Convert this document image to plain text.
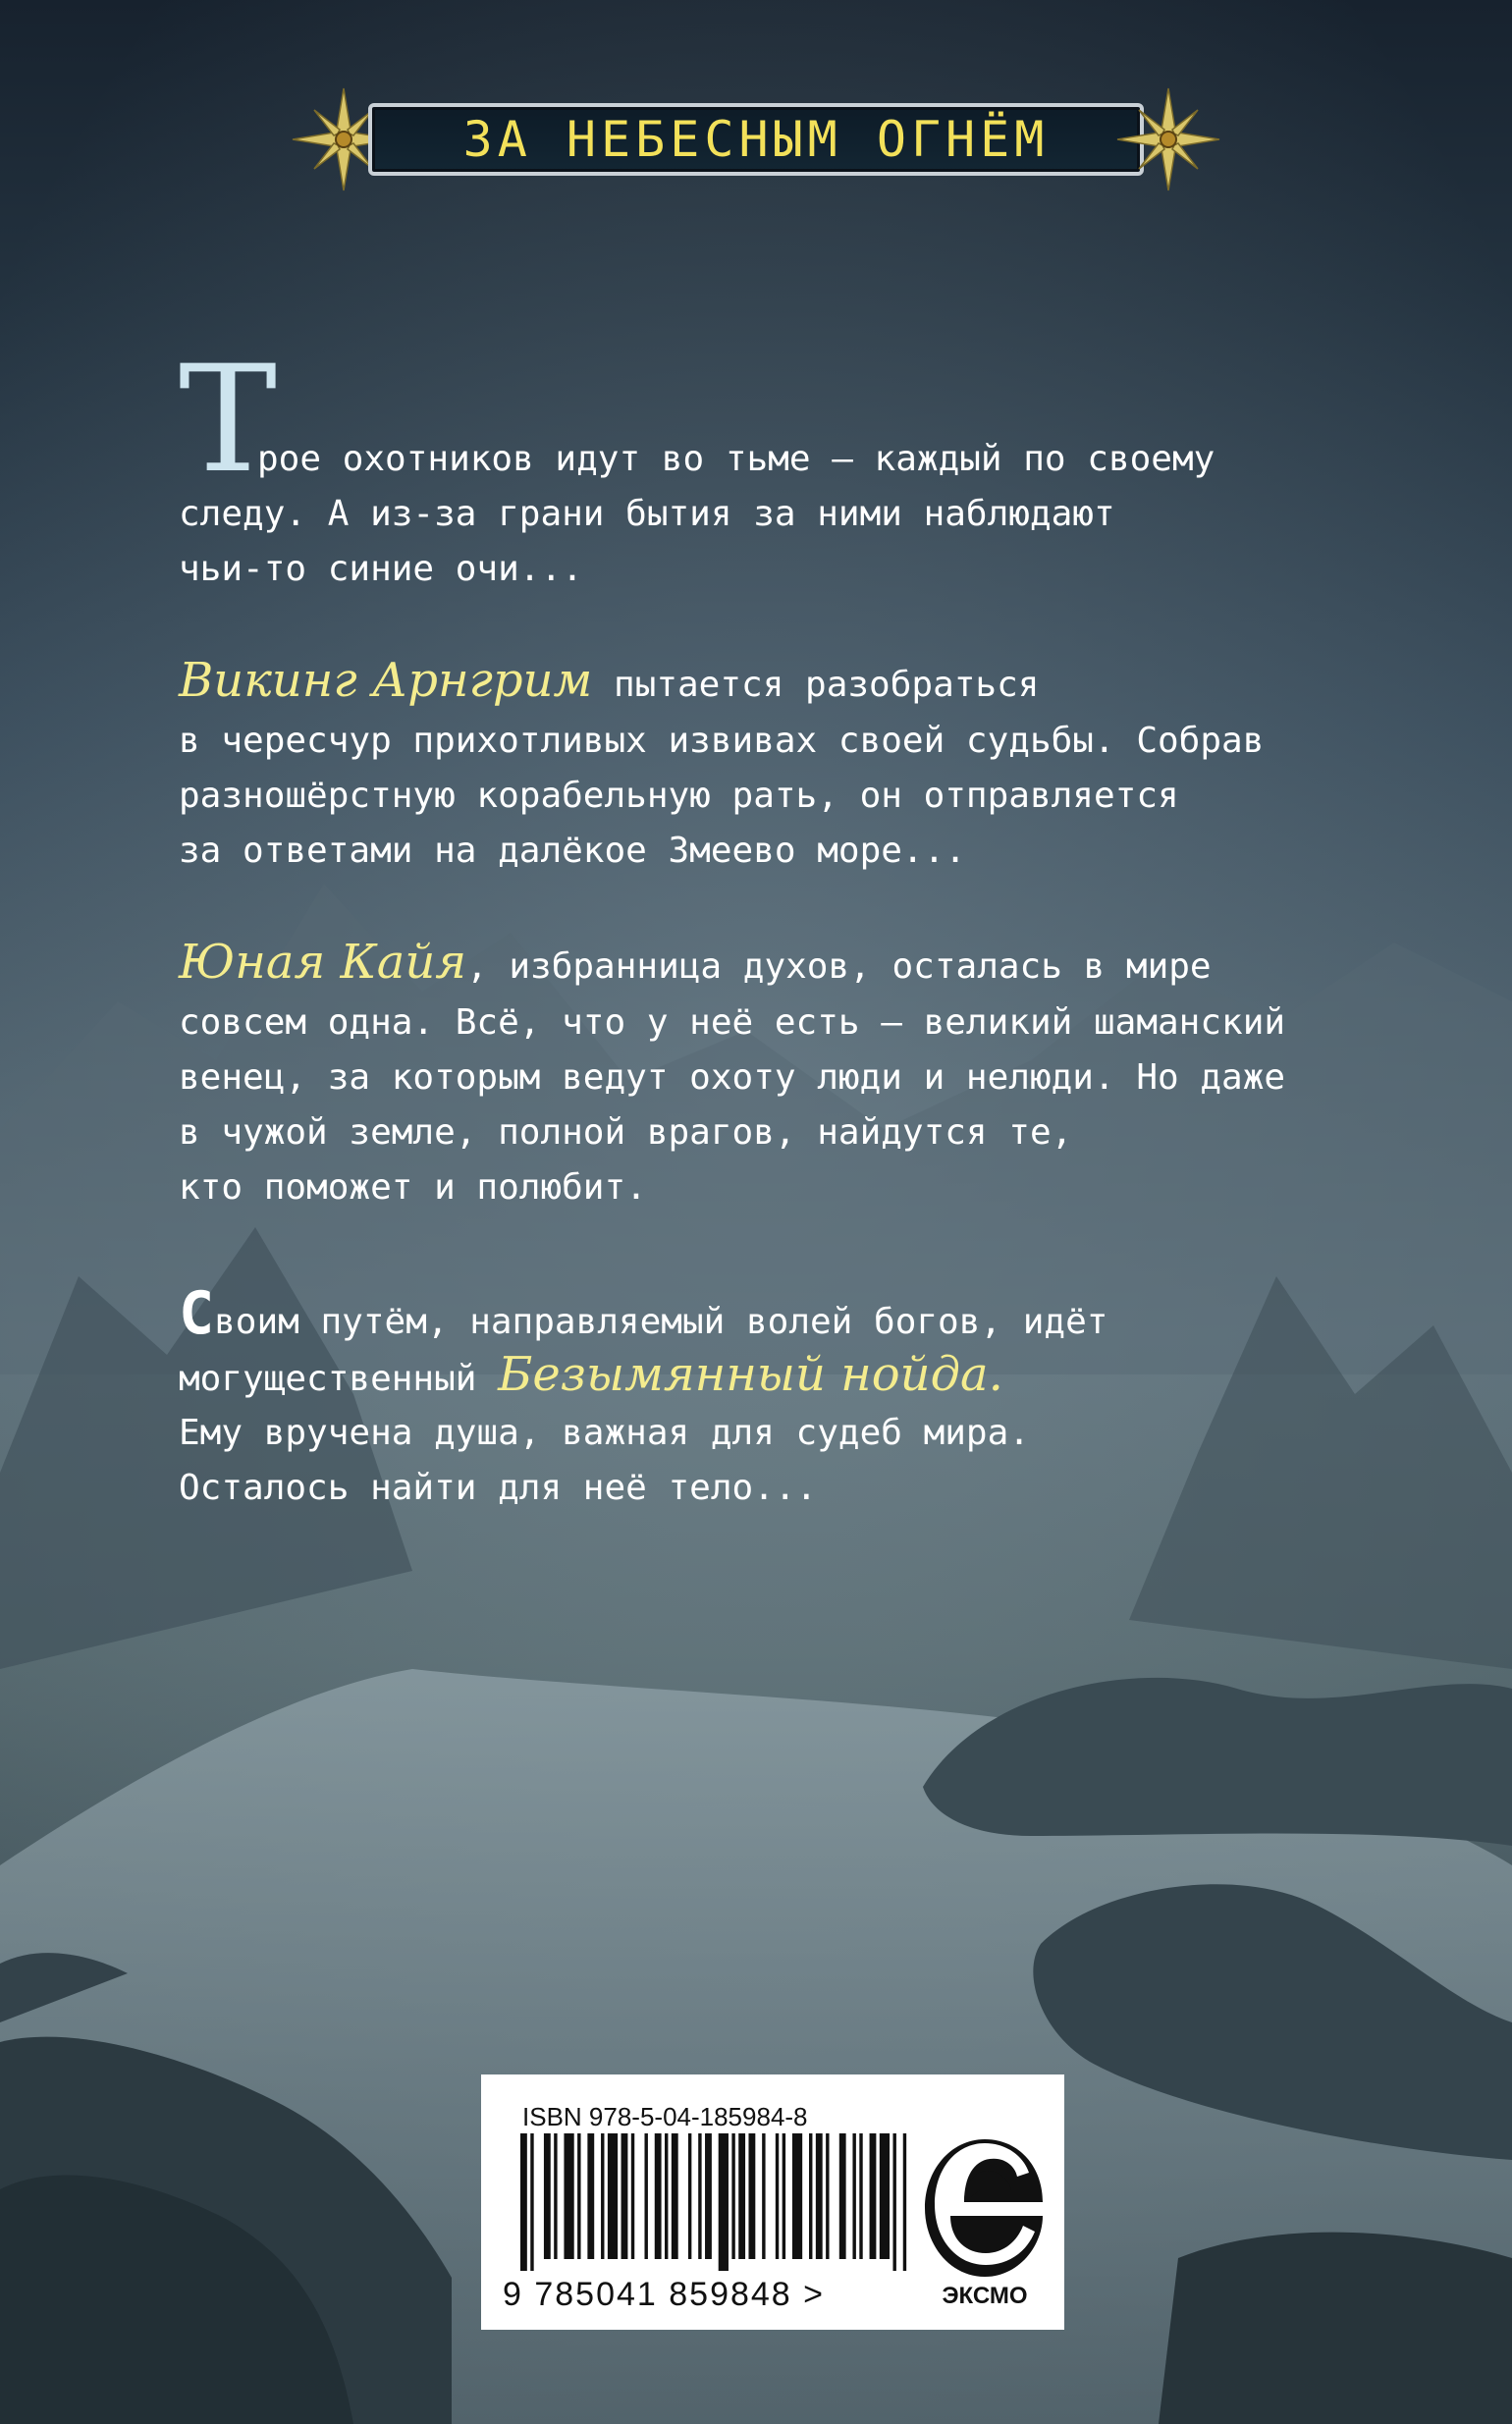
ЗА НЕБЕСНЫМ ОГНЁМ
Т
рое охотников идут во тьме — каждый по своему
следу. А из-за грани бытия за ними наблюдают
чьи-то синие очи...
Викинг Арнгрим пытается разобраться
в чересчур прихотливых извивах своей судьбы. Собрав
разношёрстную корабельную рать, он отправляется
за ответами на далёкое Змеево море...
Юная Кайя, избранница духов, осталась в мире
совсем одна. Всё, что у неё есть — великий шаманский
венец, за которым ведут охоту люди и нелюди. Но даже
в чужой земле, полной врагов, найдутся те,
кто поможет и полюбит.
Своим путём, направляемый волей богов, идёт
могущественный Безымянный нойда.
Ему вручена душа, важная для судеб мира.
Осталось найти для неё тело...
ISBN 978-5-04-185984-8
9 785041 859848 >	ЭКСМО
